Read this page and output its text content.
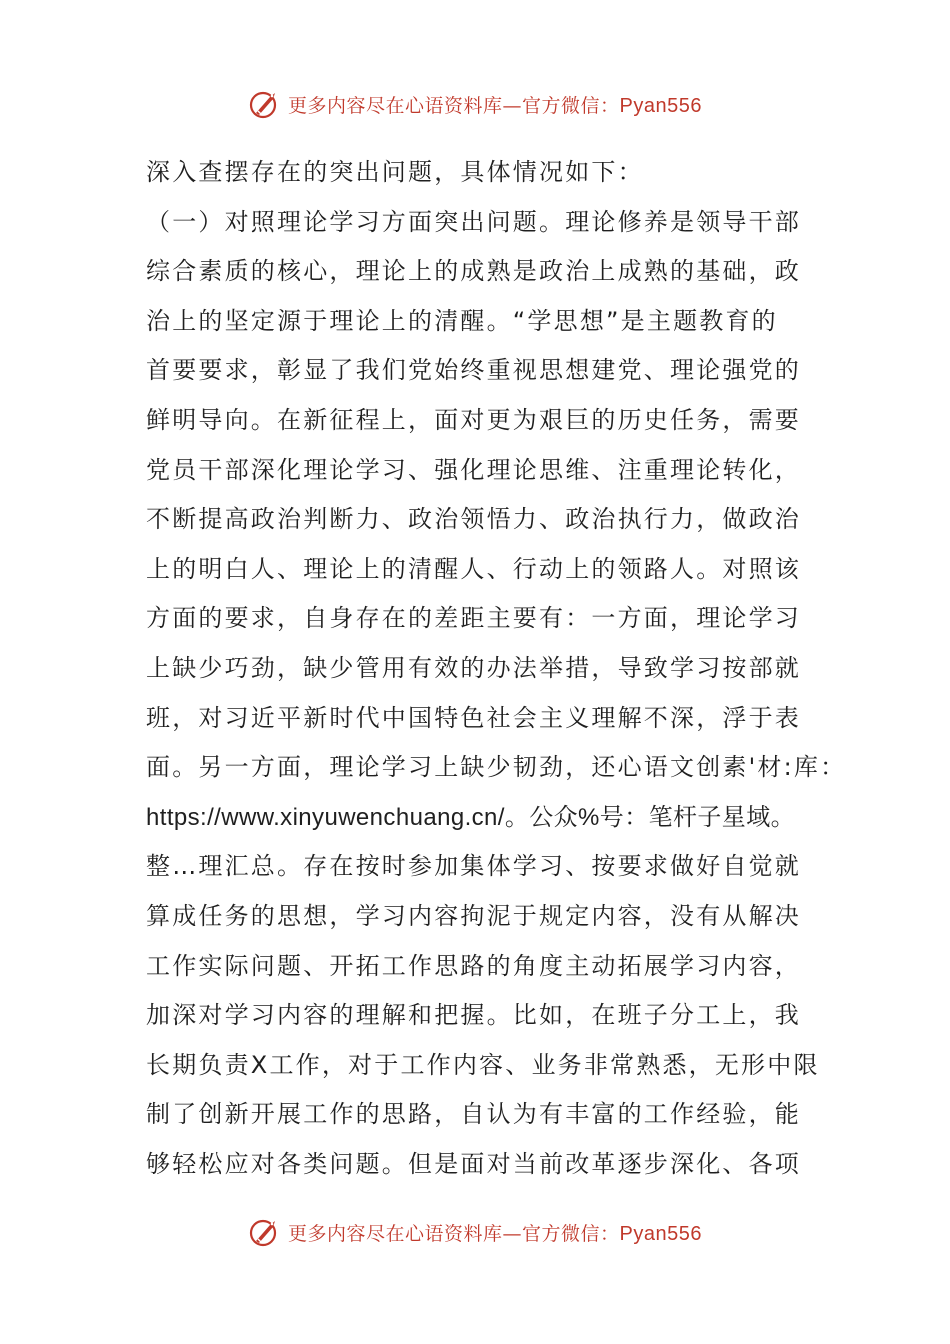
更多内容尽在心语资料库—官方微信：Pyan556
深入查摆存在的突出问题，具体情况如下：
（一）对照理论学习方面突出问题。理论修养是领导干部
综合素质的核心，理论上的成熟是政治上成熟的基础，政
治上的坚定源于理论上的清醒。“学思想”是主题教育的
首要要求，彰显了我们党始终重视思想建党、理论强党的
鲜明导向。在新征程上，面对更为艰巨的历史任务，需要
党员干部深化理论学习、强化理论思维、注重理论转化，
不断提高政治判断力、政治领悟力、政治执行力，做政治
上的明白人、理论上的清醒人、行动上的领路人。对照该
方面的要求，自身存在的差距主要有：一方面，理论学习
上缺少巧劲，缺少管用有效的办法举措，导致学习按部就
班，对习近平新时代中国特色社会主义理解不深，浮于表
面。另一方面，理论学习上缺少韧劲，还心语文创素'材:库：
https://www.xinyuwenchuang.cn/。公众%号：笔杆子星域。
整…理汇总。存在按时参加集体学习、按要求做好自觉就
算成任务的思想，学习内容拘泥于规定内容，没有从解决
工作实际问题、开拓工作思路的角度主动拓展学习内容，
加深对学习内容的理解和把握。比如，在班子分工上，我
长期负责X工作，对于工作内容、业务非常熟悉，无形中限
制了创新开展工作的思路，自认为有丰富的工作经验，能
够轻松应对各类问题。但是面对当前改革逐步深化、各项
更多内容尽在心语资料库—官方微信：Pyan556
